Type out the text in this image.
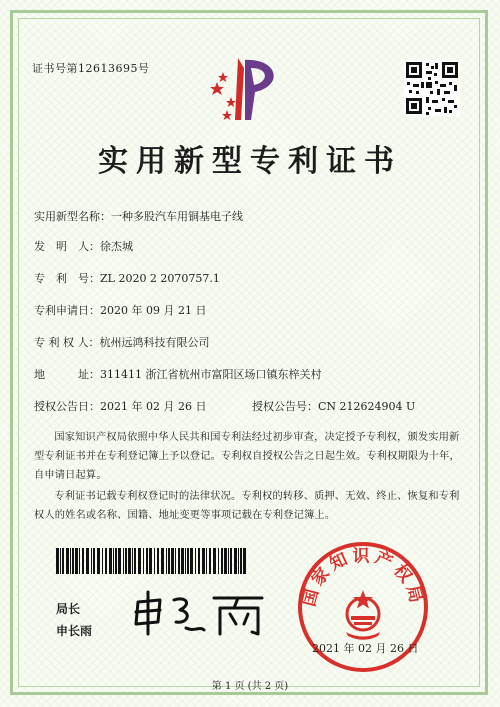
证书号第12613695号
实用新型专利证书
实用新型名称：一种多股汽车用铜基电子线
发　明　人：徐杰城
专　利　号：ZL 2020 2 2070757.1
专利申请日：2020 年 09 月 21 日
专 利 权 人：杭州远鸿科技有限公司
地　　　址：311411 浙江省杭州市富阳区场口镇东梓关村
授权公告日：2021 年 02 月 26 日	授权公告号：CN 212624904 U
国家知识产权局依照中华人民共和国专利法经过初步审查，决定授予专利权，颁发实用新型专利证书并在专利登记簿上予以登记。专利权自授权公告之日起生效。专利权期限为十年，自申请日起算。
专利证书记载专利权登记时的法律状况。专利权的转移、质押、无效、终止、恢复和专利权人的姓名或名称、国籍、地址变更等事项记载在专利登记簿上。
局长
申长雨
国家知识产权局
2021 年 02 月 26 日
第 1 页 (共 2 页)
